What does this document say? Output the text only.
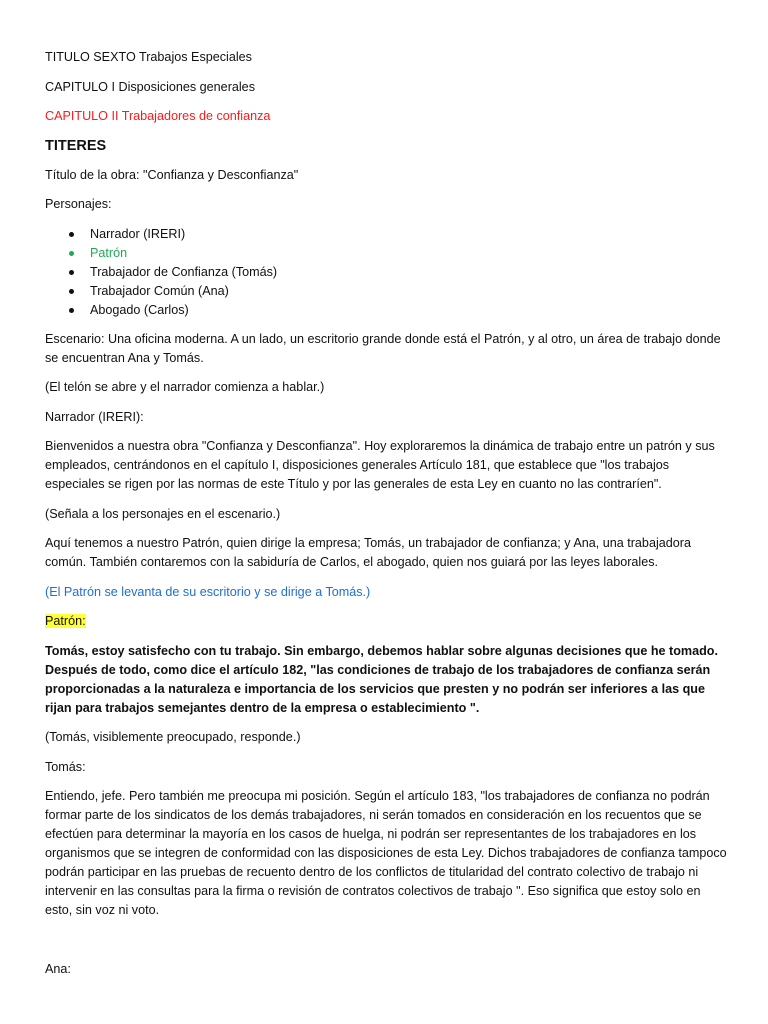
TITULO SEXTO Trabajos Especiales

CAPITULO I Disposiciones generales

CAPITULO II Trabajadores de confianza

TITERES

Título de la obra: "Confianza y Desconfianza"

Personajes:

Narrador (IRERI)
Patrón
Trabajador de Confianza (Tomás)
Trabajador Común (Ana)
Abogado (Carlos)

Escenario: Una oficina moderna. A un lado, un escritorio grande donde está el Patrón, y al otro, un área de trabajo donde se encuentran Ana y Tomás.

(El telón se abre y el narrador comienza a hablar.)

Narrador (IRERI):

Bienvenidos a nuestra obra "Confianza y Desconfianza". Hoy exploraremos la dinámica de trabajo entre un patrón y sus empleados, centrándonos en el capítulo I, disposiciones generales Artículo 181, que establece que "los trabajos especiales se rigen por las normas de este Título y por las generales de esta Ley en cuanto no las contraríen".

(Señala a los personajes en el escenario.)

Aquí tenemos a nuestro Patrón, quien dirige la empresa; Tomás, un trabajador de confianza; y Ana, una trabajadora común. También contaremos con la sabiduría de Carlos, el abogado, quien nos guiará por las leyes laborales.

(El Patrón se levanta de su escritorio y se dirige a Tomás.)

Patrón:

Tomás, estoy satisfecho con tu trabajo. Sin embargo, debemos hablar sobre algunas decisiones que he tomado. Después de todo, como dice el artículo 182, "las condiciones de trabajo de los trabajadores de confianza serán proporcionadas a la naturaleza e importancia de los servicios que presten y no podrán ser inferiores a las que rijan para trabajos semejantes dentro de la empresa o establecimiento ".

(Tomás, visiblemente preocupado, responde.)

Tomás:

Entiendo, jefe. Pero también me preocupa mi posición. Según el artículo 183, "los trabajadores de confianza no podrán formar parte de los sindicatos de los demás trabajadores, ni serán tomados en consideración en los recuentos que se efectúen para determinar la mayoría en los casos de huelga, ni podrán ser representantes de los trabajadores en los organismos que se integren de conformidad con las disposiciones de esta Ley. Dichos trabajadores de confianza tampoco podrán participar en las pruebas de recuento dentro de los conflictos de titularidad del contrato colectivo de trabajo ni intervenir en las consultas para la firma o revisión de contratos colectivos de trabajo ". Eso significa que estoy solo en esto, sin voz ni voto.

Ana:
